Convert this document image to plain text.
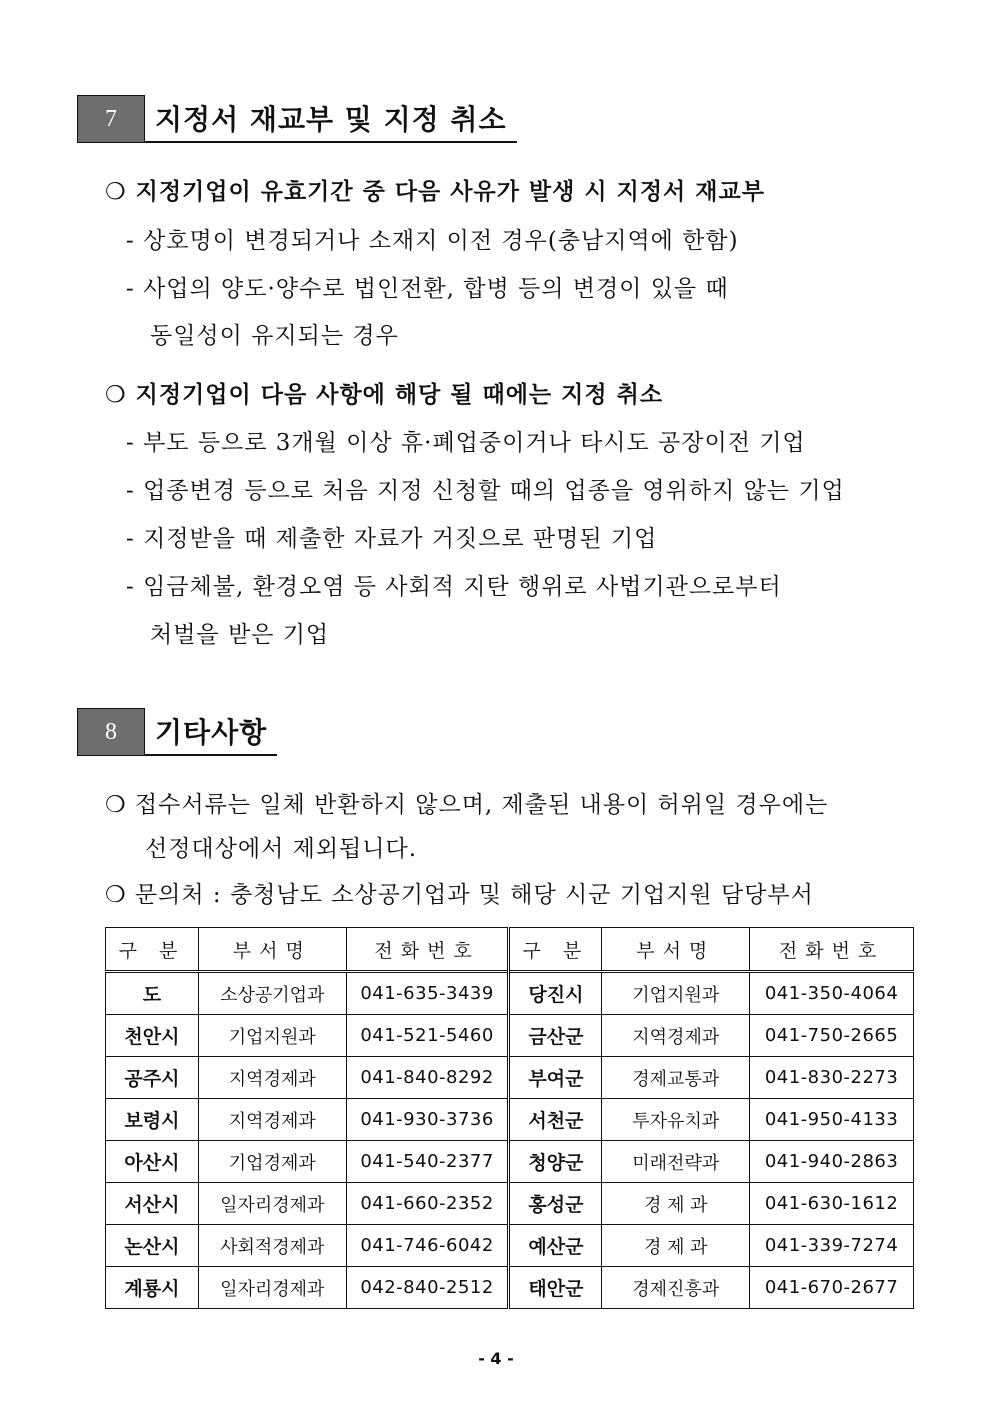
7	지정서 재교부 및 지정 취소
❍ 지정기업이 유효기간 중 다음 사유가 발생 시 지정서 재교부
- 상호명이 변경되거나 소재지 이전 경우(충남지역에 한함)
- 사업의 양도·양수로 법인전환, 합병 등의 변경이 있을 때
동일성이 유지되는 경우
❍ 지정기업이 다음 사항에 해당 될 때에는 지정 취소
- 부도 등으로 3개월 이상 휴·폐업중이거나 타시도 공장이전 기업
- 업종변경 등으로 처음 지정 신청할 때의 업종을 영위하지 않는 기업
- 지정받을 때 제출한 자료가 거짓으로 판명된 기업
- 임금체불, 환경오염 등 사회적 지탄 행위로 사법기관으로부터
처벌을 받은 기업
8	기타사항
❍ 접수서류는 일체 반환하지 않으며, 제출된 내용이 허위일 경우에는
선정대상에서 제외됩니다.
❍ 문의처 : 충청남도 소상공기업과 및 해당 시군 기업지원 담당부서
구 분	부서명	전화번호	구 분	부서명	전화번호
도	소상공기업과	041-635-3439	당진시	기업지원과	041-350-4064
천안시	기업지원과	041-521-5460	금산군	지역경제과	041-750-2665
공주시	지역경제과	041-840-8292	부여군	경제교통과	041-830-2273
보령시	지역경제과	041-930-3736	서천군	투자유치과	041-950-4133
아산시	기업경제과	041-540-2377	청양군	미래전략과	041-940-2863
서산시	일자리경제과	041-660-2352	홍성군	경 제 과	041-630-1612
논산시	사회적경제과	041-746-6042	예산군	경 제 과	041-339-7274
계룡시	일자리경제과	042-840-2512	태안군	경제진흥과	041-670-2677
- 4 -
